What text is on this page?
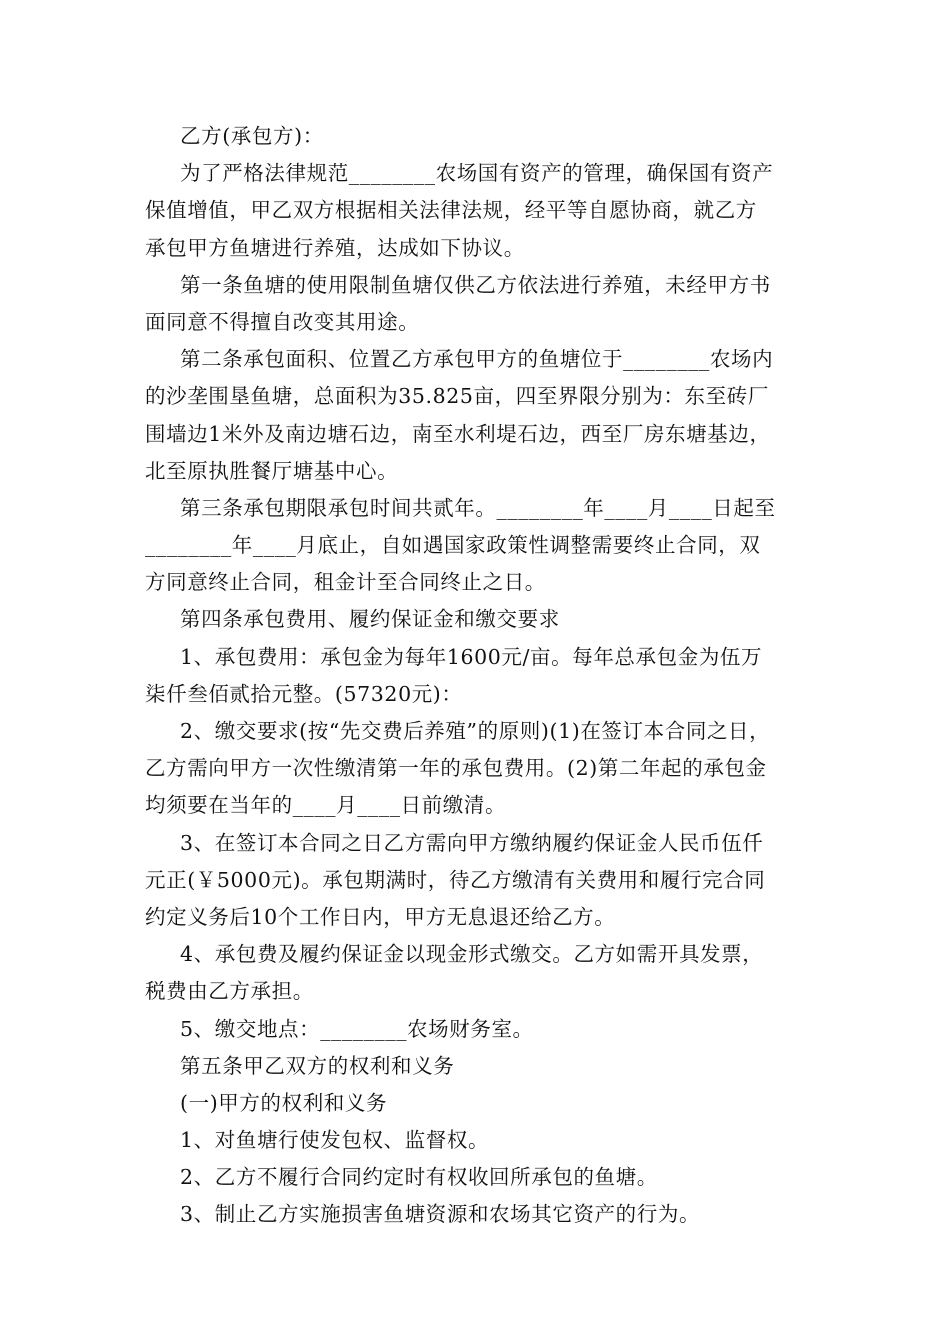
乙方(承包方)：
为了严格法律规范________农场国有资产的管理，确保国有资产
保值增值，甲乙双方根据相关法律法规，经平等自愿协商，就乙方
承包甲方鱼塘进行养殖，达成如下协议。
第一条鱼塘的使用限制鱼塘仅供乙方依法进行养殖，未经甲方书
面同意不得擅自改变其用途。
第二条承包面积、位置乙方承包甲方的鱼塘位于________农场内
的沙垄围垦鱼塘，总面积为35.825亩，四至界限分别为：东至砖厂
围墙边1米外及南边塘石边，南至水利堤石边，西至厂房东塘基边，
北至原执胜餐厅塘基中心。
第三条承包期限承包时间共贰年。________年____月____日起至
________年____月底止，自如遇国家政策性调整需要终止合同，双
方同意终止合同，租金计至合同终止之日。
第四条承包费用、履约保证金和缴交要求
1、承包费用：承包金为每年1600元/亩。每年总承包金为伍万
柒仟叁佰贰拾元整。(57320元)：
2、缴交要求(按“先交费后养殖”的原则)(1)在签订本合同之日，
乙方需向甲方一次性缴清第一年的承包费用。(2)第二年起的承包金
均须要在当年的____月____日前缴清。
3、在签订本合同之日乙方需向甲方缴纳履约保证金人民币伍仟
元正(￥5000元)。承包期满时，待乙方缴清有关费用和履行完合同
约定义务后10个工作日内，甲方无息退还给乙方。
4、承包费及履约保证金以现金形式缴交。乙方如需开具发票，
税费由乙方承担。
5、缴交地点：________农场财务室。
第五条甲乙双方的权利和义务
(一)甲方的权利和义务
1、对鱼塘行使发包权、监督权。
2、乙方不履行合同约定时有权收回所承包的鱼塘。
3、制止乙方实施损害鱼塘资源和农场其它资产的行为。
